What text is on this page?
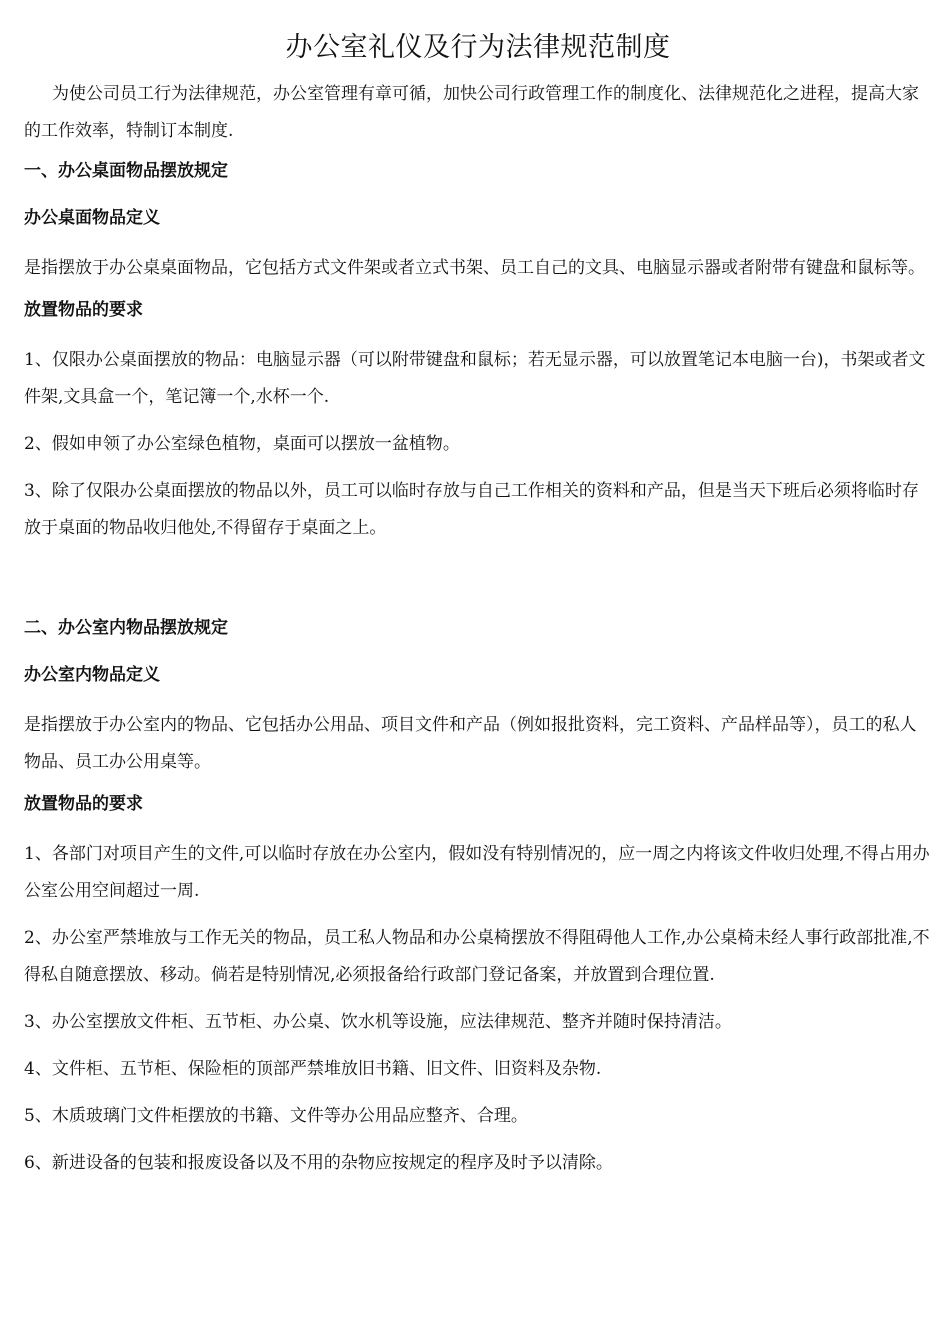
办公室礼仪及行为法律规范制度

为使公司员工行为法律规范，办公室管理有章可循，加快公司行政管理工作的制度化、法律规范化之进程，提高大家的工作效率，特制订本制度.

一、办公桌面物品摆放规定
办公桌面物品定义

是指摆放于办公桌桌面物品，它包括方式文件架或者立式书架、员工自己的文具、电脑显示器或者附带有键盘和鼠标等。

放置物品的要求

1、仅限办公桌面摆放的物品：电脑显示器（可以附带键盘和鼠标；若无显示器，可以放置笔记本电脑一台)，书架或者文件架,文具盒一个，笔记簿一个,水杯一个.

2、假如申领了办公室绿色植物，桌面可以摆放一盆植物。

3、除了仅限办公桌面摆放的物品以外，员工可以临时存放与自己工作相关的资料和产品，但是当天下班后必须将临时存放于桌面的物品收归他处,不得留存于桌面之上。

二、办公室内物品摆放规定
办公室内物品定义

是指摆放于办公室内的物品、它包括办公用品、项目文件和产品（例如报批资料，完工资料、产品样品等），员工的私人物品、员工办公用桌等。

放置物品的要求

1、各部门对项目产生的文件,可以临时存放在办公室内，假如没有特别情况的，应一周之内将该文件收归处理,不得占用办公室公用空间超过一周.

2、办公室严禁堆放与工作无关的物品，员工私人物品和办公桌椅摆放不得阻碍他人工作,办公桌椅未经人事行政部批准,不得私自随意摆放、移动。倘若是特别情况,必须报备给行政部门登记备案，并放置到合理位置.

3、办公室摆放文件柜、五节柜、办公桌、饮水机等设施，应法律规范、整齐并随时保持清洁。

4、文件柜、五节柜、保险柜的顶部严禁堆放旧书籍、旧文件、旧资料及杂物.

5、木质玻璃门文件柜摆放的书籍、文件等办公用品应整齐、合理。

6、新进设备的包装和报废设备以及不用的杂物应按规定的程序及时予以清除。
